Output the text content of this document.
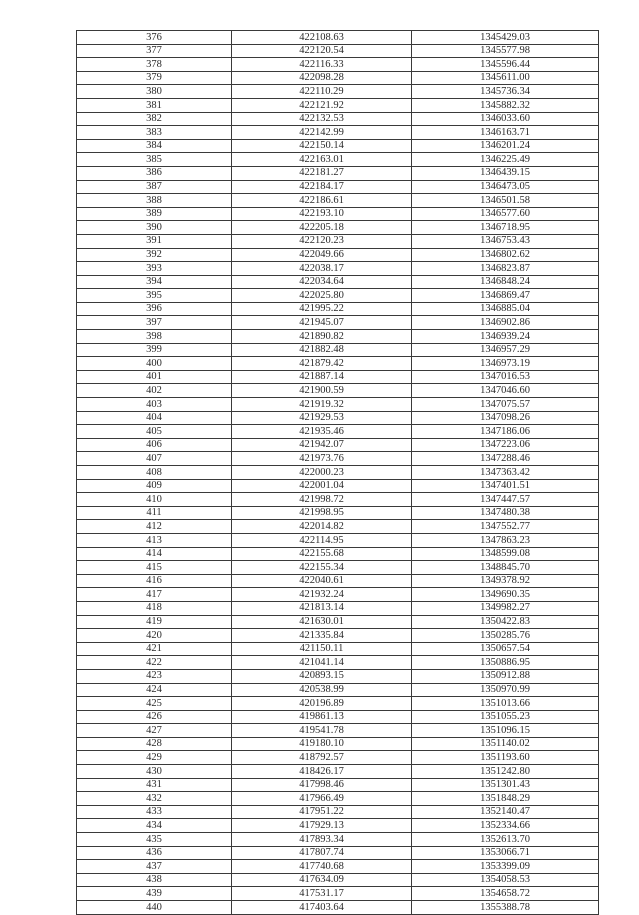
376	422108.63	1345429.03
377	422120.54	1345577.98
378	422116.33	1345596.44
379	422098.28	1345611.00
380	422110.29	1345736.34
381	422121.92	1345882.32
382	422132.53	1346033.60
383	422142.99	1346163.71
384	422150.14	1346201.24
385	422163.01	1346225.49
386	422181.27	1346439.15
387	422184.17	1346473.05
388	422186.61	1346501.58
389	422193.10	1346577.60
390	422205.18	1346718.95
391	422120.23	1346753.43
392	422049.66	1346802.62
393	422038.17	1346823.87
394	422034.64	1346848.24
395	422025.80	1346869.47
396	421995.22	1346885.04
397	421945.07	1346902.86
398	421890.82	1346939.24
399	421882.48	1346957.29
400	421879.42	1346973.19
401	421887.14	1347016.53
402	421900.59	1347046.60
403	421919.32	1347075.57
404	421929.53	1347098.26
405	421935.46	1347186.06
406	421942.07	1347223.06
407	421973.76	1347288.46
408	422000.23	1347363.42
409	422001.04	1347401.51
410	421998.72	1347447.57
411	421998.95	1347480.38
412	422014.82	1347552.77
413	422114.95	1347863.23
414	422155.68	1348599.08
415	422155.34	1348845.70
416	422040.61	1349378.92
417	421932.24	1349690.35
418	421813.14	1349982.27
419	421630.01	1350422.83
420	421335.84	1350285.76
421	421150.11	1350657.54
422	421041.14	1350886.95
423	420893.15	1350912.88
424	420538.99	1350970.99
425	420196.89	1351013.66
426	419861.13	1351055.23
427	419541.78	1351096.15
428	419180.10	1351140.02
429	418792.57	1351193.60
430	418426.17	1351242.80
431	417998.46	1351301.43
432	417966.49	1351848.29
433	417951.22	1352140.47
434	417929.13	1352334.66
435	417893.34	1352613.70
436	417807.74	1353066.71
437	417740.68	1353399.09
438	417634.09	1354058.53
439	417531.17	1354658.72
440	417403.64	1355388.78
